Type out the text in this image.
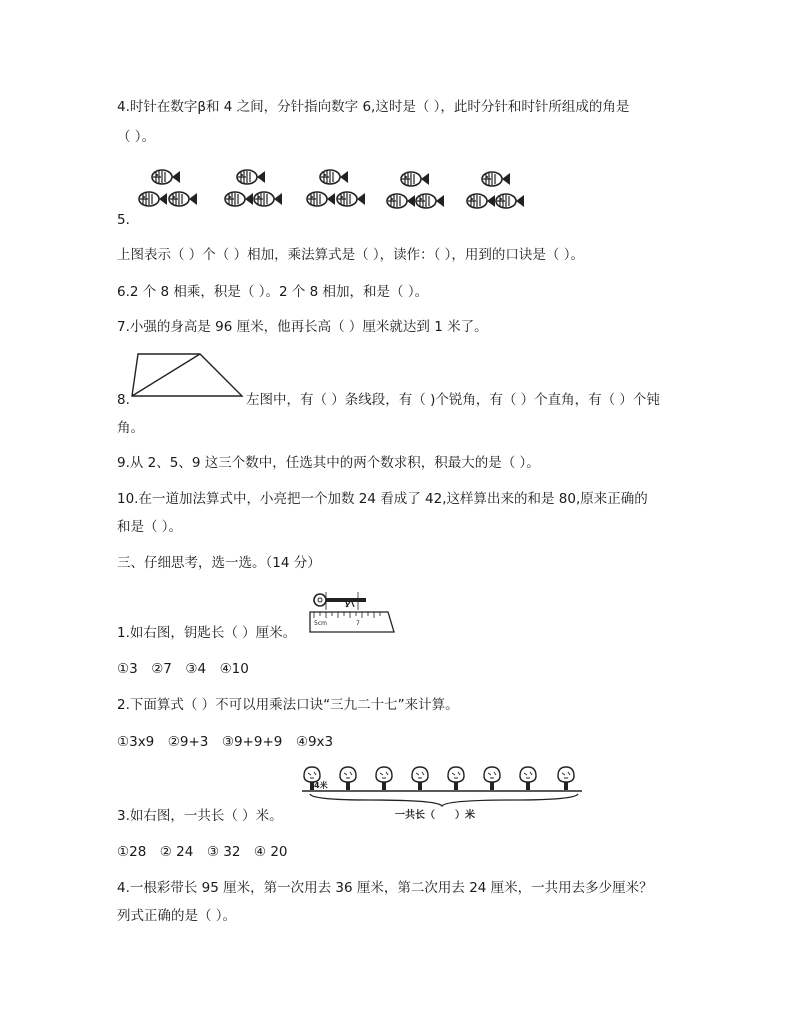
4.时针在数字β和 4 之间，分针指向数字 6,这时是（ ），此时分针和时针所组成的角是
（ ）。
5.
上图表示（ ）个（ ）相加，乘法算式是（ ），读作：（ ），用到的口诀是（ ）。
6.2 个 8 相乘，积是（ ）。2 个 8 相加，和是（ ）。
7.小强的身高是 96 厘米，他再长高（ ）厘米就达到 1 米了。
8.	左图中，有（ ）条线段，有（ )个锐角，有（ ）个直角，有（ ）个钝
角。
9.从 2、5、9 这三个数中，任选其中的两个数求积，积最大的是（ ）。
10.在一道加法算式中，小亮把一个加数 24 看成了 42,这样算出来的和是 80,原来正确的
和是（ ）。
三、仔细思考，选一选。（14 分）
5cm	7
1.如右图，钥匙长（ ）厘米。
①3　②7　③4　④10
2.下面算式（ ）不可以用乘法口诀“三九二十七”来计算。
①3x9　②9+3　③9+9+9　④9x3
4米
一共长（　　）米
3.如右图，一共长（ ）米。
①28　② 24　③ 32　④ 20
4.一根彩带长 95 厘米，第一次用去 36 厘米，第二次用去 24 厘米，一共用去多少厘米？
列式正确的是（ ）。
